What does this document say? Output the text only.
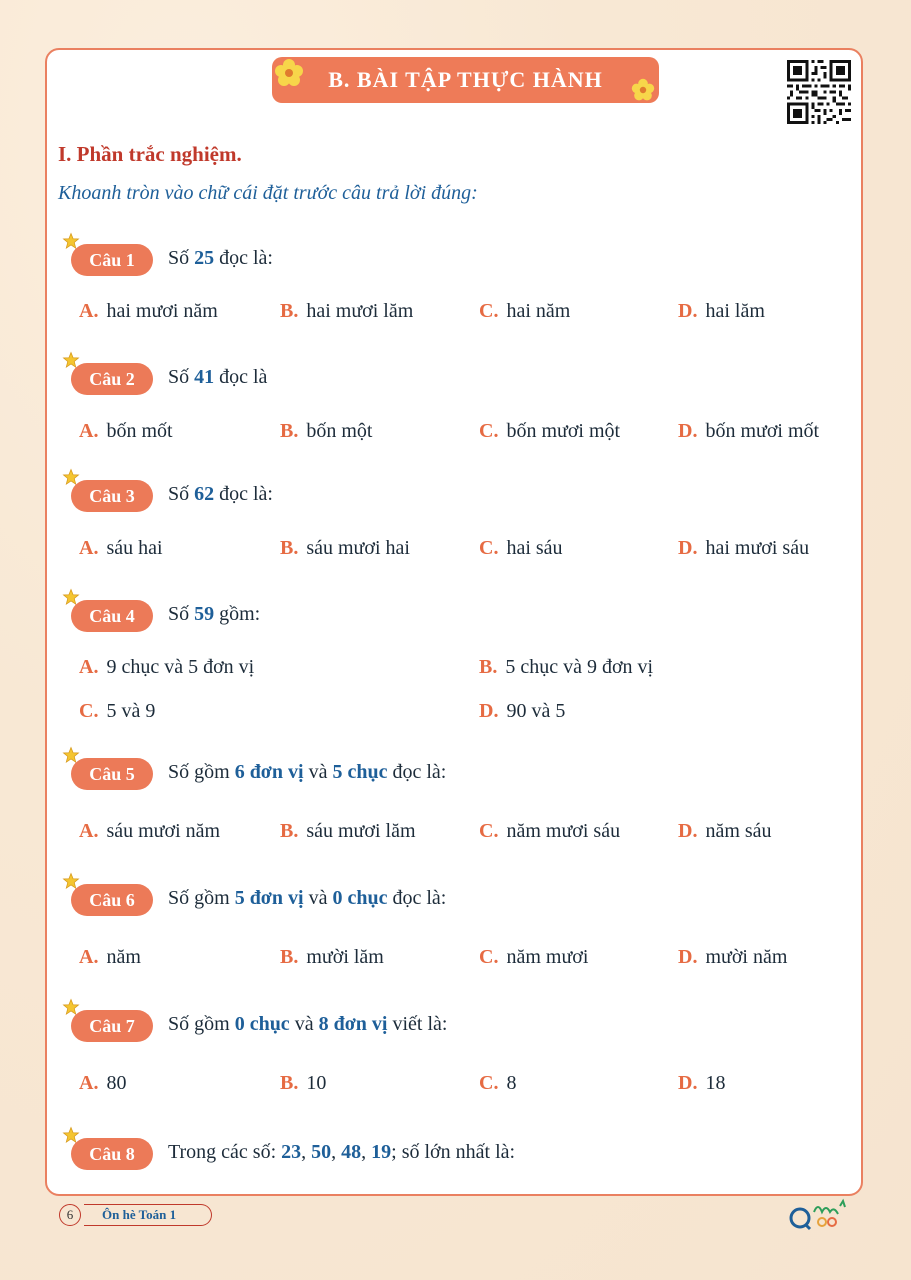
B. BÀI TẬP THỰC HÀNH
I. Phần trắc nghiệm.
Khoanh tròn vào chữ cái đặt trước câu trả lời đúng:
Câu 1	Số 25 đọc là:
A. hai mươi năm	B. hai mươi lăm	C. hai năm	D. hai lăm
Câu 2	Số 41 đọc là
A. bốn mốt	B. bốn một	C. bốn mươi một	D. bốn mươi mốt
Câu 3	Số 62 đọc là:
A. sáu hai	B. sáu mươi hai	C. hai sáu	D. hai mươi sáu
Câu 4	Số 59 gồm:
A. 9 chục và 5 đơn vị	B. 5 chục và 9 đơn vị
C. 5 và 9	D. 90 và 5
Câu 5	Số gồm 6 đơn vị và 5 chục đọc là:
A. sáu mươi năm	B. sáu mươi lăm	C. năm mươi sáu	D. năm sáu
Câu 6	Số gồm 5 đơn vị và 0 chục đọc là:
A. năm	B. mười lăm	C. năm mươi	D. mười năm
Câu 7	Số gồm 0 chục và 8 đơn vị viết là:
A. 80	B. 10	C. 8	D. 18
Câu 8	Trong các số: 23, 50, 48, 19; số lớn nhất là:
6	Ôn hè Toán 1
